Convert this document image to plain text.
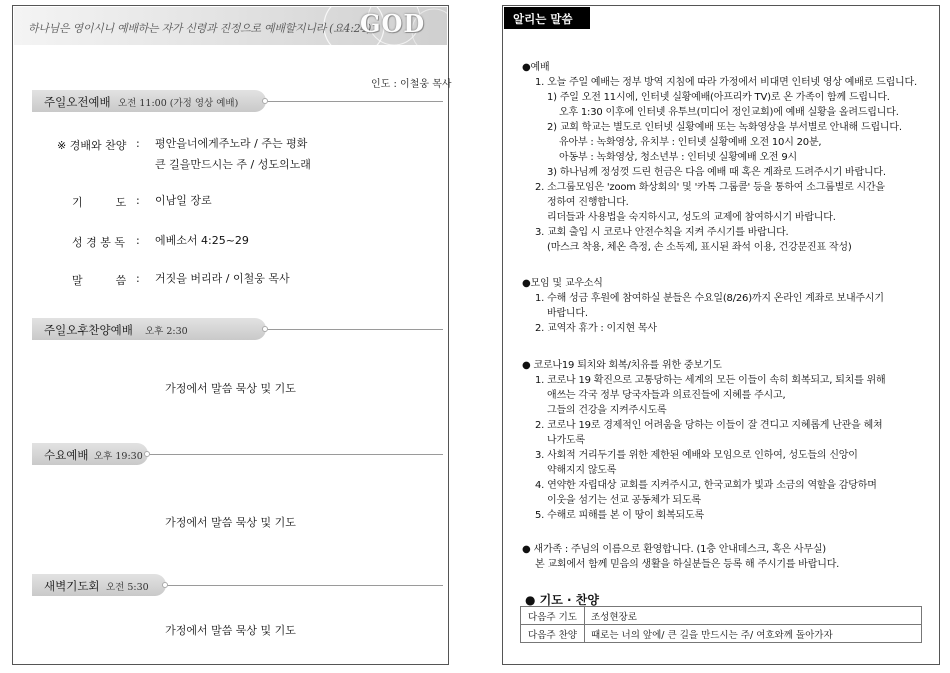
하나님은 영이시니 예배하는 자가 신령과 진정으로 예배할지니라 (요4:24)
GOD
인도 : 이철웅 목사
주일오전예배 오전 11:00 (가정 영상 예배)
※ 경배와 찬양 : 평안을너에게주노라 / 주는 평화
큰 길을만드시는 주 / 성도의노래
기　　　도 : 이남일 장로
성 경 봉 독 : 에베소서 4:25~29
말　　　씀 : 거짓을 버리라 / 이철웅 목사
주일오후찬양예배 오후 2:30
가정에서 말씀 묵상 및 기도
수요예배 오후 19:30
가정에서 말씀 묵상 및 기도
새벽기도회 오전 5:30
가정에서 말씀 묵상 및 기도
알리는 말씀
●예배
1. 오늘 주일 예배는 정부 방역 지침에 따라 가정에서 비대면 인터넷 영상 예배로 드립니다.
1) 주일 오전 11시에, 인터넷 실황예배(아프리카 TV)로 온 가족이 함께 드립니다.
오후 1:30 이후에 인터넷 유투브(미디어 정인교회)에 예배 실황을 올려드립니다.
2) 교회 학교는 별도로 인터넷 실황예배 또는 녹화영상을 부서별로 안내해 드립니다.
유아부 : 녹화영상, 유치부 : 인터넷 실황예배 오전 10시 20분,
아동부 : 녹화영상, 청소년부 : 인터넷 실황예배 오전 9시
3) 하나님께 정성껏 드린 헌금은 다음 예배 때 혹은 계좌로 드려주시기 바랍니다.
2. 소그룹모임은 'zoom 화상회의' 및 '카톡 그룹콜' 등을 통하여 소그룹별로 시간을
정하여 진행합니다.
리더들과 사용법을 숙지하시고, 성도의 교제에 참여하시기 바랍니다.
3. 교회 출입 시 코로나 안전수칙을 지켜 주시기를 바랍니다.
(마스크 착용, 체온 측정, 손 소독제, 표시된 좌석 이용, 건강문진표 작성)
●모임 및 교우소식
1. 수해 성금 후원에 참여하실 분들은 수요일(8/26)까지 온라인 계좌로 보내주시기
바랍니다.
2. 교역자 휴가 : 이지현 목사
● 코로나19 퇴치와 회복/치유를 위한 중보기도
1. 코로나 19 확진으로 고통당하는 세계의 모든 이들이 속히 회복되고, 퇴치를 위해
애쓰는 각국 정부 당국자들과 의료진들에 지혜를 주시고,
그들의 건강을 지켜주시도록
2. 코로나 19로 경제적인 어려움을 당하는 이들이 잘 견디고 지혜롭게 난관을 헤쳐
나가도록
3. 사회적 거리두기를 위한 제한된 예배와 모임으로 인하여, 성도들의 신앙이
약해지지 않도록
4. 연약한 자립대상 교회를 지켜주시고, 한국교회가 빛과 소금의 역할을 감당하며
이웃을 섬기는 선교 공동체가 되도록
5. 수해로 피해를 본 이 땅이 회복되도록
● 새가족 : 주님의 이름으로 환영합니다. (1층 안내데스크, 혹은 사무실)
본 교회에서 함께 믿음의 생활을 하실분들은 등록 해 주시기를 바랍니다.
● 기도 · 찬양
다음주 기도	조성현장로
다음주 찬양	때로는 너의 앞에/ 큰 길을 만드시는 주/ 여호와께 돌아가자
